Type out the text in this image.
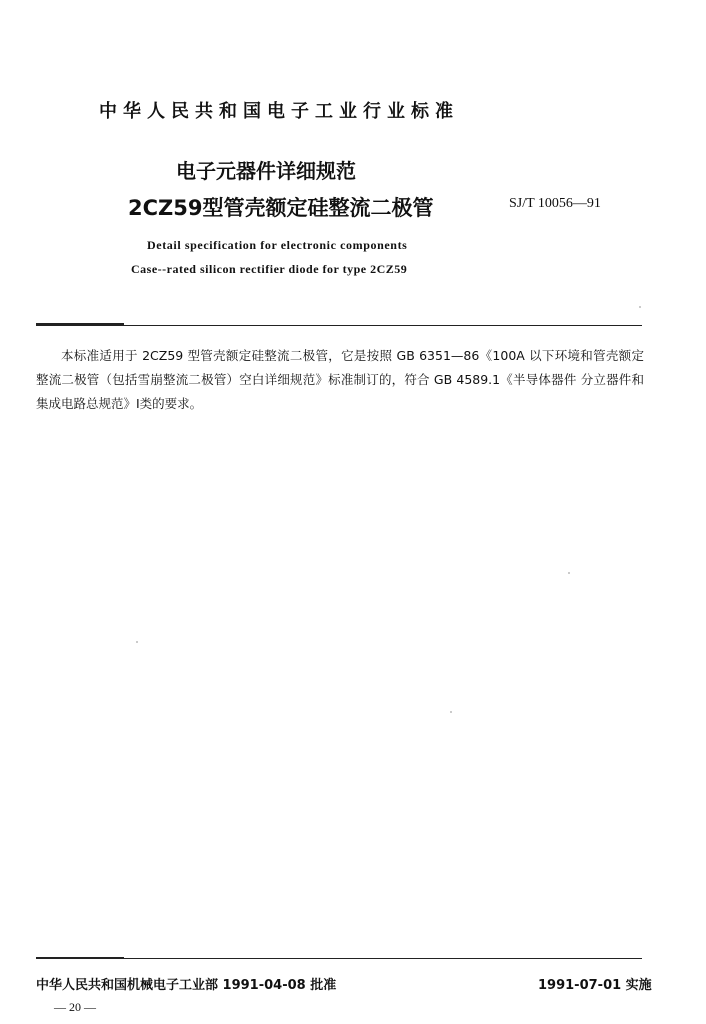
中华人民共和国电子工业行业标准
电子元器件详细规范
2CZ59型管壳额定硅整流二极管	SJ/T 10056—91
Detail specification for electronic components
Case--rated silicon rectifier diode for type 2CZ59

本标准适用于 2CZ59 型管壳额定硅整流二极管，它是按照 GB 6351—86《100A 以下环境和管壳额定整流二极管（包括雪崩整流二极管）空白详细规范》标准制订的，符合 GB 4589.1《半导体器件 分立器件和集成电路总规范》Ⅰ类的要求。

中华人民共和国机械电子工业部 1991-04-08 批准	1991-07-01 实施
— 20 —
